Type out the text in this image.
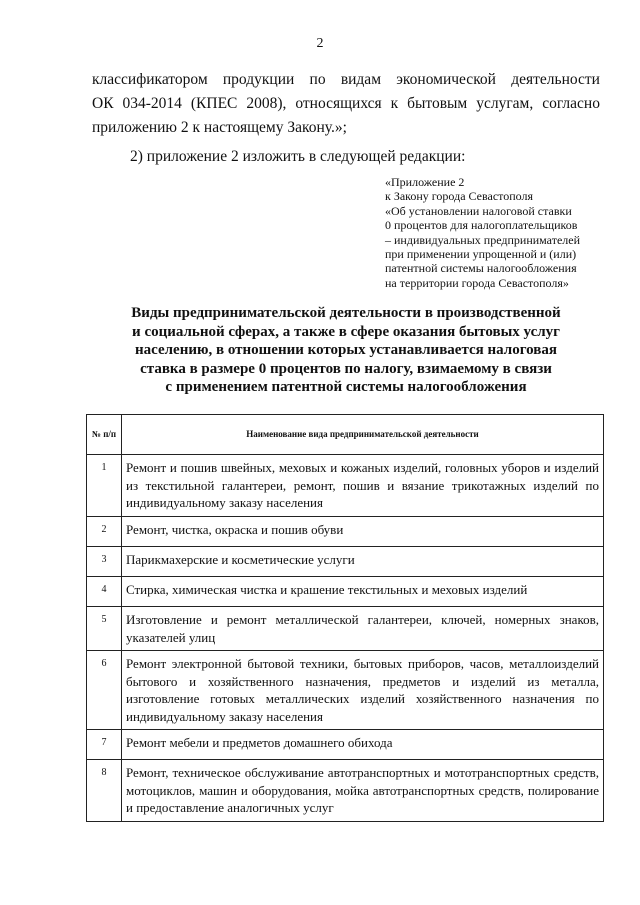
2
классификатором продукции по видам экономической деятельности
ОК 034-2014 (КПЕС 2008), относящихся к бытовым услугам, согласно
приложению 2 к настоящему Закону.»;

2) приложение 2 изложить в следующей редакции:

«Приложение 2
к Закону города Севастополя
«Об установлении налоговой ставки
0 процентов для налогоплательщиков
– индивидуальных предпринимателей
при применении упрощенной и (или)
патентной системы налогообложения
на территории города Севастополя»
Виды предпринимательской деятельности в производственной
и социальной сферах, а также в сфере оказания бытовых услуг
населению, в отношении которых устанавливается налоговая
ставка в размере 0 процентов по налогу, взимаемому в связи
с применением патентной системы налогообложения
№ п/п	Наименование вида предпринимательской деятельности
1	Ремонт и пошив швейных, меховых и кожаных изделий, головных уборов и изделий из текстильной галантереи, ремонт, пошив и вязание трикотажных изделий по индивидуальному заказу населения
2	Ремонт, чистка, окраска и пошив обуви
3	Парикмахерские и косметические услуги
4	Стирка, химическая чистка и крашение текстильных и меховых изделий
5	Изготовление и ремонт металлической галантереи, ключей, номерных знаков, указателей улиц
6	Ремонт электронной бытовой техники, бытовых приборов, часов, металлоизделий бытового и хозяйственного назначения, предметов и изделий из металла, изготовление готовых металлических изделий хозяйственного назначения по индивидуальному заказу населения
7	Ремонт мебели и предметов домашнего обихода
8	Ремонт, техническое обслуживание автотранспортных и мототранспортных средств, мотоциклов, машин и оборудования, мойка автотранспортных средств, полирование и предоставление аналогичных услуг
